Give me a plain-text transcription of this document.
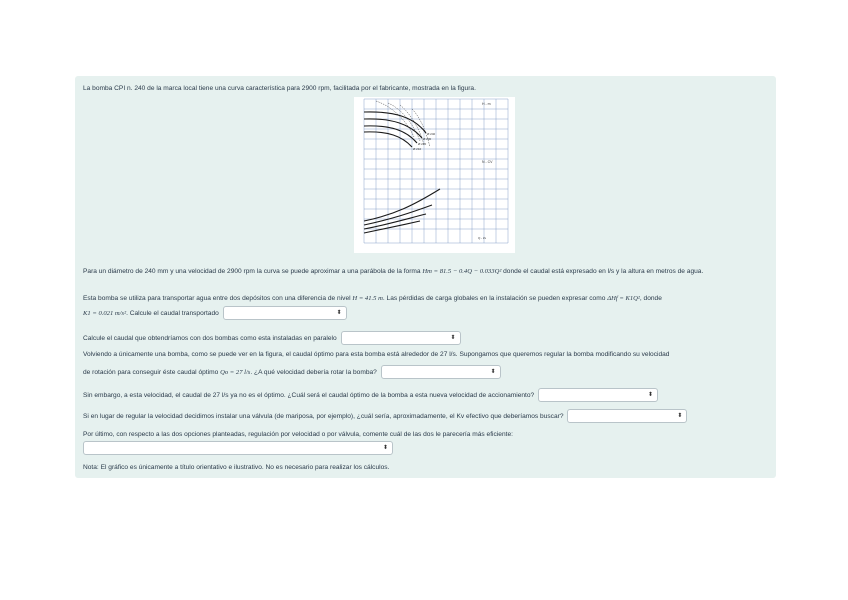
La bomba CPI n. 240 de la marca local tiene una curva característica para 2900 rpm, facilitada por el fabricante, mostrada en la figura.
H - m
N - CV
Q - l/s
Ø 240
Ø 230
Ø 220
Ø 210
Para un diámetro de 240 mm y una velocidad de 2900 rpm la curva se puede aproximar a una parábola de la forma Hm = 81.5 − 0.4Q − 0.033Q² donde el caudal está expresado en l/s y la altura en metros de agua.
Esta bomba se utiliza para transportar agua entre dos depósitos con una diferencia de nivel H = 41.5 m. Las pérdidas de carga globales en la instalación se pueden expresar como ΔHf = K1Q², donde
K1 = 0.021 m/s². Calcule el caudal transportado	⬍
Calcule el caudal que obtendríamos con dos bombas como esta instaladas en paralelo	⬍
Volviendo a únicamente una bomba, como se puede ver en la figura, el caudal óptimo para esta bomba está alrededor de 27 l/s. Supongamos que queremos regular la bomba modificando su velocidad
de rotación para conseguir éste caudal óptimo Qo = 27 l/s. ¿A qué velocidad debería rotar la bomba?	⬍
Sin embargo, a esta velocidad, el caudal de 27 l/s ya no es el óptimo. ¿Cuál será el caudal óptimo de la bomba a esta nueva velocidad de accionamiento?	⬍
Si en lugar de regular la velocidad decidimos instalar una válvula (de mariposa, por ejemplo), ¿cuál sería, aproximadamente, el Kv efectivo que deberíamos buscar?	⬍
Por último, con respecto a las dos opciones planteadas, regulación por velocidad o por válvula, comente cuál de las dos le parecería más eficiente:
⬍
Nota: El gráfico es únicamente a título orientativo e ilustrativo. No es necesario para realizar los cálculos.
